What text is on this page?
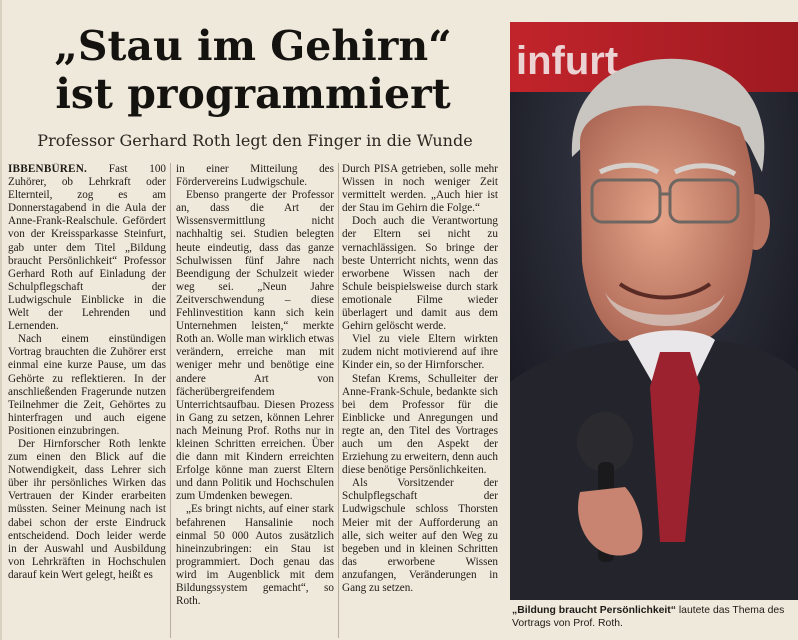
„Stau im Gehirn“
ist programmiert
Professor Gerhard Roth legt den Finger in die Wunde

IBBENBÜREN. Fast 100 Zuhörer, ob Lehrkraft oder Elternteil, zog es am Donnerstagabend in die Aula der Anne-Frank-Realschule. Gefördert von der Kreissparkasse Steinfurt, gab unter dem Titel „Bildung braucht Persönlichkeit“ Professor Gerhard Roth auf Einladung der Schulpflegschaft der Ludwigschule Einblicke in die Welt der Lehrenden und Lernenden.

Nach einem einstündigen Vortrag brauchten die Zuhörer erst einmal eine kurze Pause, um das Gehörte zu reflektieren. In der anschließenden Fragerunde nutzen Teilnehmer die Zeit, Gehörtes zu hinterfragen und auch eigene Positionen einzubringen.

Der Hirnforscher Roth lenkte zum einen den Blick auf die Notwendigkeit, dass Lehrer sich über ihr persönliches Wirken das Vertrauen der Kinder erarbeiten müssten. Seiner Meinung nach ist dabei schon der erste Eindruck entscheidend. Doch leider werde in der Auswahl und Ausbildung von Lehrkräften in Hochschulen darauf kein Wert gelegt, heißt es

in einer Mitteilung des Fördervereins Ludwigschule.

Ebenso prangerte der Professor an, dass die Art der Wissensvermittlung nicht nachhaltig sei. Studien belegten heute eindeutig, dass das ganze Schulwissen fünf Jahre nach Beendigung der Schulzeit wieder weg sei. „Neun Jahre Zeitverschwendung – diese Fehlinvestition kann sich kein Unternehmen leisten,“ merkte Roth an. Wolle man wirklich etwas verändern, erreiche man mit weniger mehr und benötige eine andere Art von fächerübergreifendem Unterrichtsaufbau. Diesen Prozess in Gang zu setzen, können Lehrer nach Meinung Prof. Roths nur in kleinen Schritten erreichen. Über die dann mit Kindern erreichten Erfolge könne man zuerst Eltern und dann Politik und Hochschulen zum Umdenken bewegen.

„Es bringt nichts, auf einer stark befahrenen Hansalinie noch einmal 50 000 Autos zusätzlich hineinzubringen: ein Stau ist programmiert. Doch genau das wird im Augenblick mit dem Bildungssystem gemacht“, so Roth.

Durch PISA getrieben, solle mehr Wissen in noch weniger Zeit vermittelt werden. „Auch hier ist der Stau im Gehirn die Folge.“

Doch auch die Verantwortung der Eltern sei nicht zu vernachlässigen. So bringe der beste Unterricht nichts, wenn das erworbene Wissen nach der Schule beispielsweise durch stark emotionale Filme wieder überlagert und damit aus dem Gehirn gelöscht werde.

Viel zu viele Eltern wirkten zudem nicht motivierend auf ihre Kinder ein, so der Hirnforscher.

Stefan Krems, Schulleiter der Anne-Frank-Schule, bedankte sich bei dem Professor für die Einblicke und Anregungen und regte an, den Titel des Vortrages auch um den Aspekt der Erziehung zu erweitern, denn auch diese benötige Persönlichkeiten.

Als Vorsitzender der Schulpflegschaft der Ludwigschule schloss Thorsten Meier mit der Aufforderung an alle, sich weiter auf den Weg zu begeben und in kleinen Schritten das erworbene Wissen anzufangen, Veränderungen in Gang zu setzen.

infurt
„Bildung braucht Persönlichkeit“ lautete das Thema des Vortrags von Prof. Roth.
